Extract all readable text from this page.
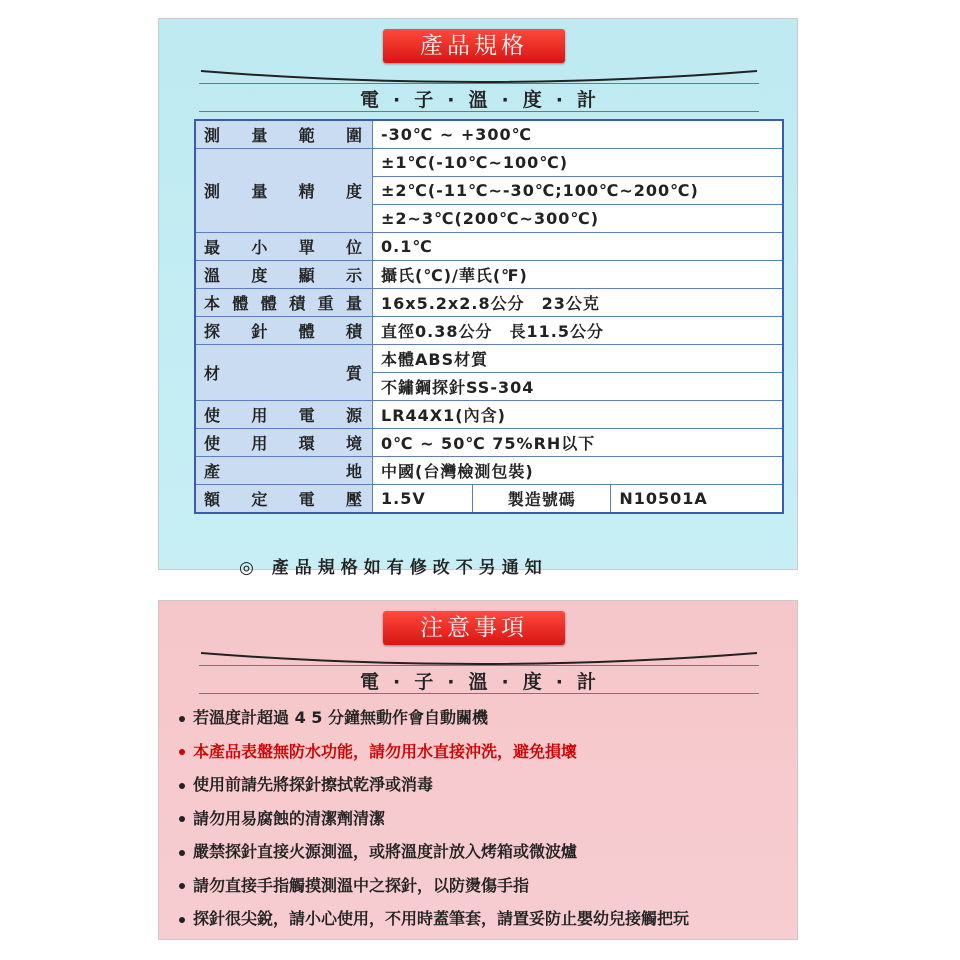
產品規格
電 · 子 · 溫 · 度 · 計
測量範圍	-30℃ ~ +300℃		
測量精度	±1℃(-10℃~100℃)		
	±2℃(-11℃~-30℃;100℃~200℃)		
	±2~3℃(200℃~300℃)		
最小單位	0.1℃		
溫度顯示	攝氏(℃)/華氏(℉)		
本體體積重量	16x5.2x2.8公分　23公克		
探針體積	直徑0.38公分　長11.5公分		
材質	本體ABS材質		
	不鏽鋼探針SS-304		
使用電源	LR44X1(內含)		
使用環境	0℃ ~ 50℃ 75%RH以下		
產地	中國(台灣檢測包裝)		
額定電壓	1.5V	製造號碼	N10501A
◎ 產品規格如有修改不另通知
注意事項
電 · 子 · 溫 · 度 · 計
若溫度計超過 4 5 分鐘無動作會自動關機
本產品表盤無防水功能，請勿用水直接沖洗，避免損壞
使用前請先將探針擦拭乾淨或消毒
請勿用易腐蝕的清潔劑清潔
嚴禁探針直接火源測溫，或將溫度計放入烤箱或微波爐
請勿直接手指觸摸測溫中之探針，以防燙傷手指
探針很尖銳，請小心使用，不用時蓋筆套，請置妥防止嬰幼兒接觸把玩
